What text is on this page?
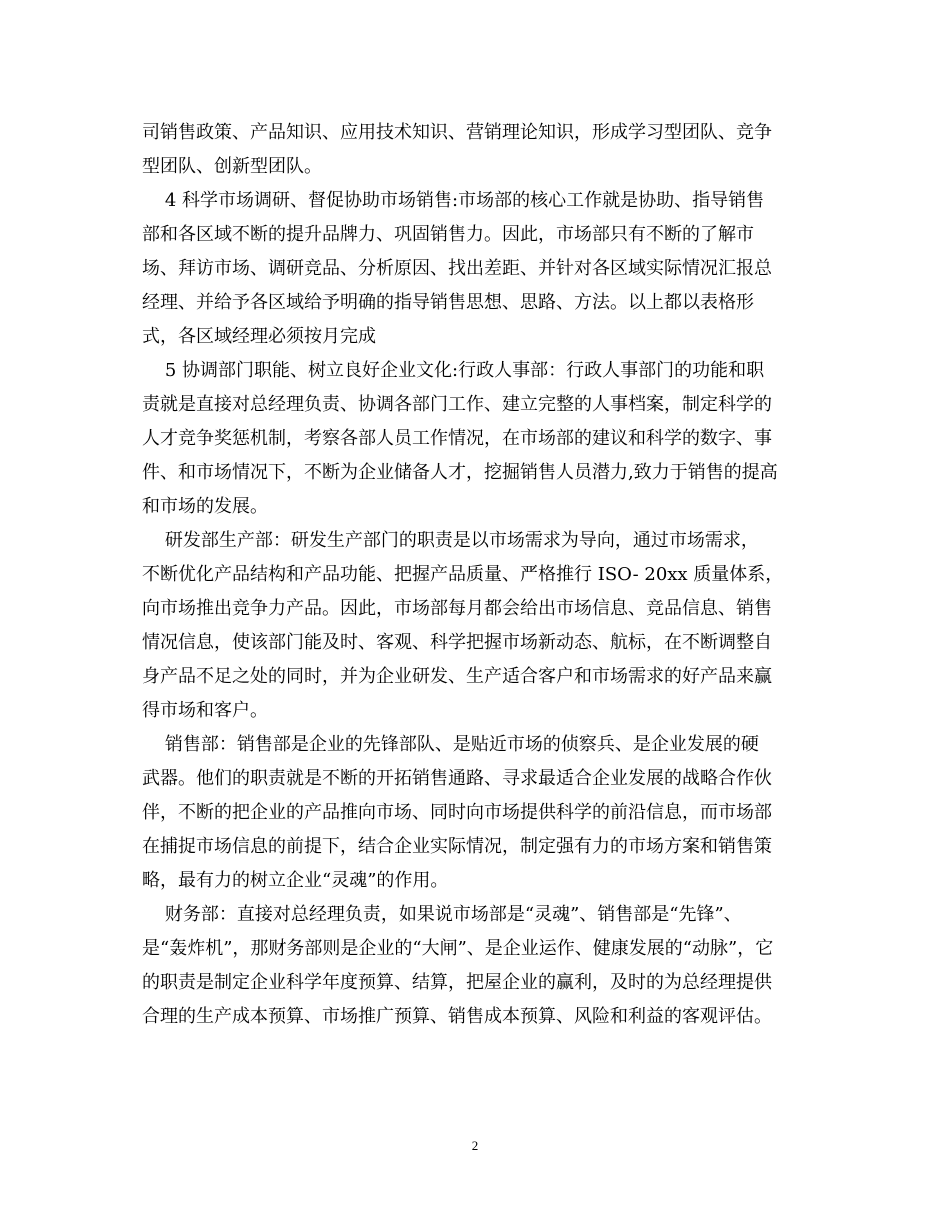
司销售政策、产品知识、应用技术知识、营销理论知识，形成学习型团队、竞争
型团队、创新型团队。
4 科学市场调研、督促协助市场销售:市场部的核心工作就是协助、指导销售
部和各区域不断的提升品牌力、巩固销售力。因此，市场部只有不断的了解市
场、拜访市场、调研竞品、分析原因、找出差距、并针对各区域实际情况汇报总
经理、并给予各区域给予明确的指导销售思想、思路、方法。以上都以表格形
式，各区域经理必须按月完成
5 协调部门职能、树立良好企业文化:行政人事部：行政人事部门的功能和职
责就是直接对总经理负责、协调各部门工作、建立完整的人事档案，制定科学的
人才竞争奖惩机制，考察各部人员工作情况，在市场部的建议和科学的数字、事
件、和市场情况下，不断为企业储备人才，挖掘销售人员潜力,致力于销售的提高
和市场的发展。
研发部生产部：研发生产部门的职责是以市场需求为导向，通过市场需求，
不断优化产品结构和产品功能、把握产品质量、严格推行 ISO- 20xx 质量体系，
向市场推出竞争力产品。因此，市场部每月都会给出市场信息、竞品信息、销售
情况信息，使该部门能及时、客观、科学把握市场新动态、航标，在不断调整自
身产品不足之处的同时，并为企业研发、生产适合客户和市场需求的好产品来赢
得市场和客户。
销售部：销售部是企业的先锋部队、是贴近市场的侦察兵、是企业发展的硬
武器。他们的职责就是不断的开拓销售通路、寻求最适合企业发展的战略合作伙
伴，不断的把企业的产品推向市场、同时向市场提供科学的前沿信息，而市场部
在捕捉市场信息的前提下，结合企业实际情况，制定强有力的市场方案和销售策
略，最有力的树立企业“灵魂”的作用。
财务部：直接对总经理负责，如果说市场部是“灵魂”、销售部是“先锋”、
是“轰炸机”，那财务部则是企业的“大闸”、是企业运作、健康发展的“动脉”，它
的职责是制定企业科学年度预算、结算，把屋企业的赢利，及时的为总经理提供
合理的生产成本预算、市场推广预算、销售成本预算、风险和利益的客观评估。
2
